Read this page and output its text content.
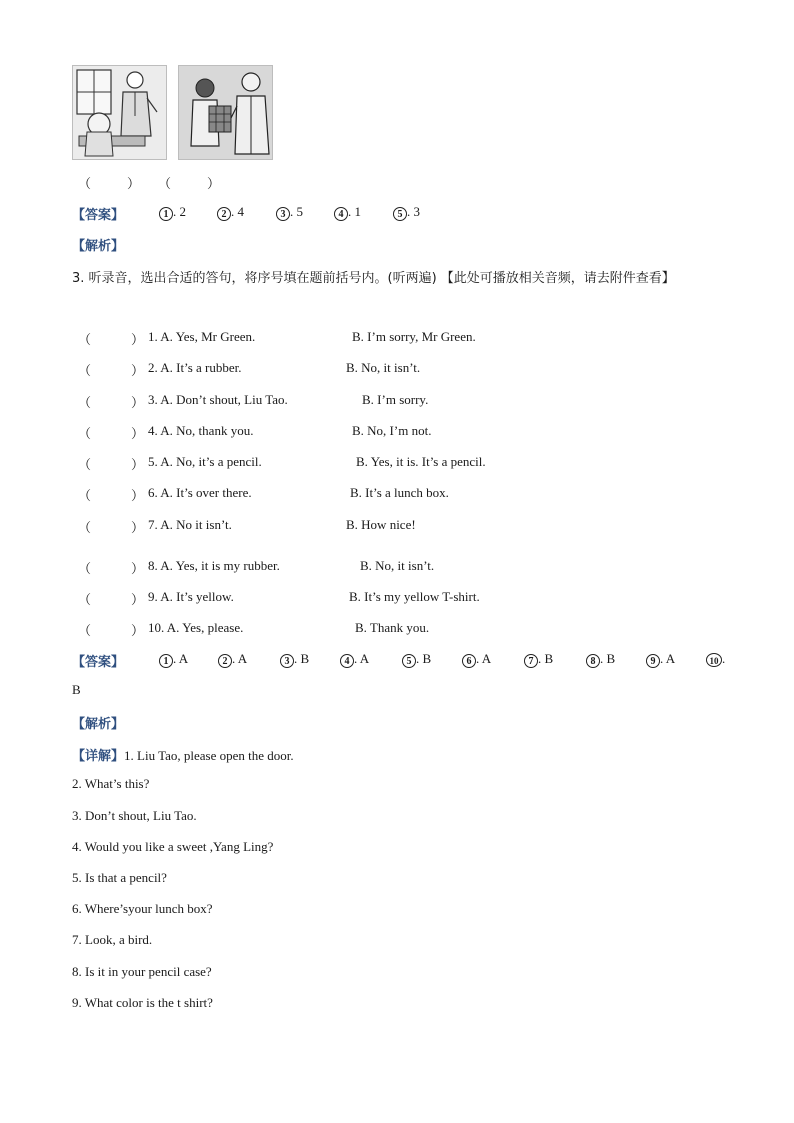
（	） （	）
【答案】	1 . 2	2 . 4	3 . 5	4 . 1	5 . 3
【解析】
3. 听录音，选出合适的答句，将序号填在题前括号内。(听两遍) 【此处可播放相关音频，请去附件查看】
（	） 1. A. Yes, Mr Green.	B. I’m sorry, Mr Green.
（	） 2. A. It’s a rubber.	B. No, it isn’t.
（	） 3. A. Don’t shout, Liu Tao.	B. I’m sorry.
（	） 4. A. No, thank you.	B. No, I’m not.
（	） 5. A. No, it’s a pencil.	B. Yes, it is. It’s a pencil.
（	） 6. A. It’s over there.	B. It’s a lunch box.
（	） 7. A. No it isn’t.	B. How nice!
（	） 8. A. Yes, it is my rubber.	B. No, it isn’t.
（	） 9. A. It’s yellow.	B. It’s my yellow T-shirt.
（	） 10. A. Yes, please.	B. Thank you.
【答案】	1 . A	2 . A	3 . B	4 . A	5 . B	6 . A	7 . B	8 . B	9 . A	10 .
B
【解析】
【详解】1. Liu Tao, please open the door.
2. What’s this?
3. Don’t shout, Liu Tao.
4. Would you like a sweet ,Yang Ling?
5. Is that a pencil?
6. Where’syour lunch box?
7. Look, a bird.
8. Is it in your pencil case?
9. What color is the t shirt?
